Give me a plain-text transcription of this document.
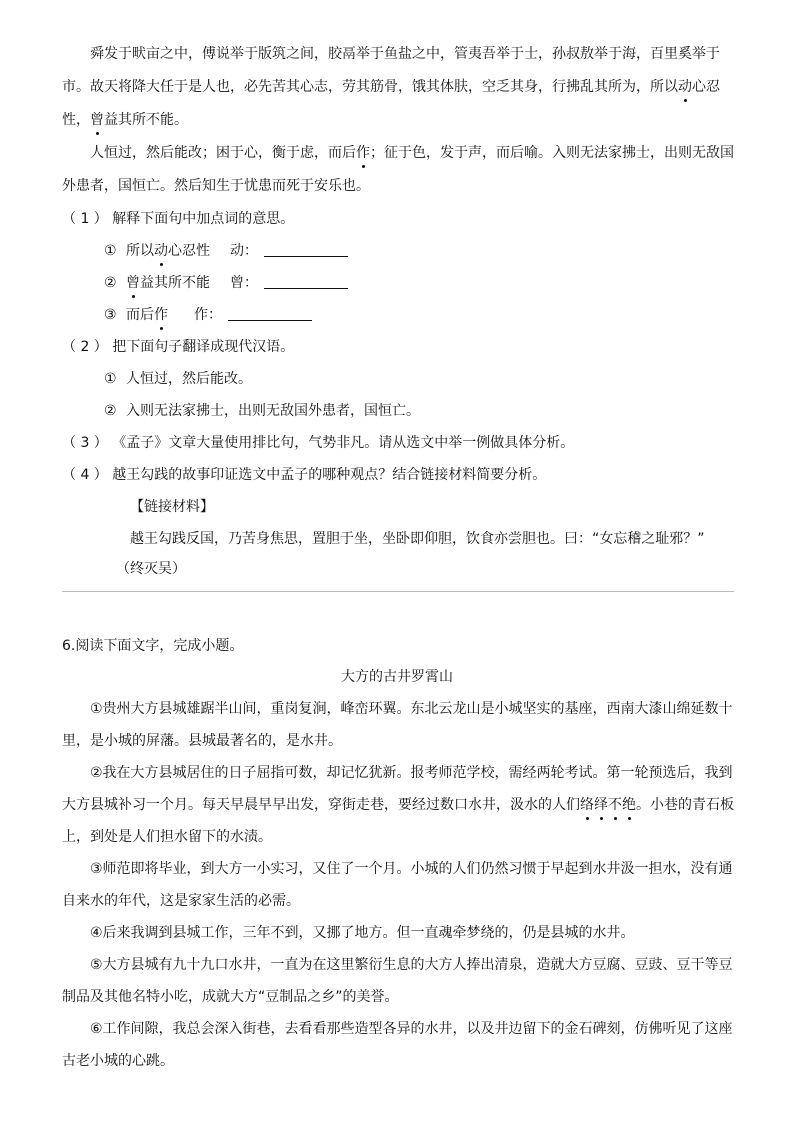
舜发于畎亩之中，傅说举于版筑之间，胶鬲举于鱼盐之中，管夷吾举于士，孙叔敖举于海，百里奚举于
市。故天将降大任于是人也，必先苦其心志，劳其筋骨，饿其体肤，空乏其身，行拂乱其所为，所以动心忍
性，曾益其所不能。
人恒过，然后能改；困于心，衡于虑，而后作；征于色，发于声，而后喻。入则无法家拂士，出则无敌国
外患者，国恒亡。然后知生于忧患而死于安乐也。
（ 1 ） 解释下面句中加点词的意思。
① 所以动心忍性 动：
② 曾益其所不能 曾：
③ 而后作 作：
（ 2 ） 把下面句子翻译成现代汉语。
① 人恒过，然后能改。
② 入则无法家拂士，出则无敌国外患者，国恒亡。
（ 3 ） 《孟子》文章大量使用排比句，气势非凡。请从选文中举一例做具体分析。
（ 4 ） 越王勾践的故事印证选文中孟子的哪种观点？结合链接材料简要分析。
【链接材料】
越王勾践反国，乃苦身焦思，置胆于坐，坐卧即仰胆，饮食亦尝胆也。曰：“女忘稽之耻邪？”
（终灭吴）
6.阅读下面文字，完成小题。
大方的古井罗霄山
①贵州大方县城雄踞半山间，重岗复涧，峰峦环翼。东北云龙山是小城坚实的基座，西南大漆山绵延数十
里，是小城的屏藩。县城最著名的，是水井。
②我在大方县城居住的日子屈指可数，却记忆犹新。报考师范学校，需经两轮考试。第一轮预选后，我到
大方县城补习一个月。每天早晨早早出发，穿街走巷，要经过数口水井，汲水的人们络绎不绝。小巷的青石板
上，到处是人们担水留下的水渍。
③师范即将毕业，到大方一小实习，又住了一个月。小城的人们仍然习惯于早起到水井汲一担水，没有通
自来水的年代，这是家家生活的必需。
④后来我调到县城工作，三年不到，又挪了地方。但一直魂牵梦绕的，仍是县城的水井。
⑤大方县城有九十九口水井，一直为在这里繁衍生息的大方人捧出清泉，造就大方豆腐、豆豉、豆干等豆
制品及其他名特小吃，成就大方“豆制品之乡”的美誉。
⑥工作间隙，我总会深入街巷，去看看那些造型各异的水井，以及井边留下的金石碑刻，仿佛听见了这座
古老小城的心跳。
